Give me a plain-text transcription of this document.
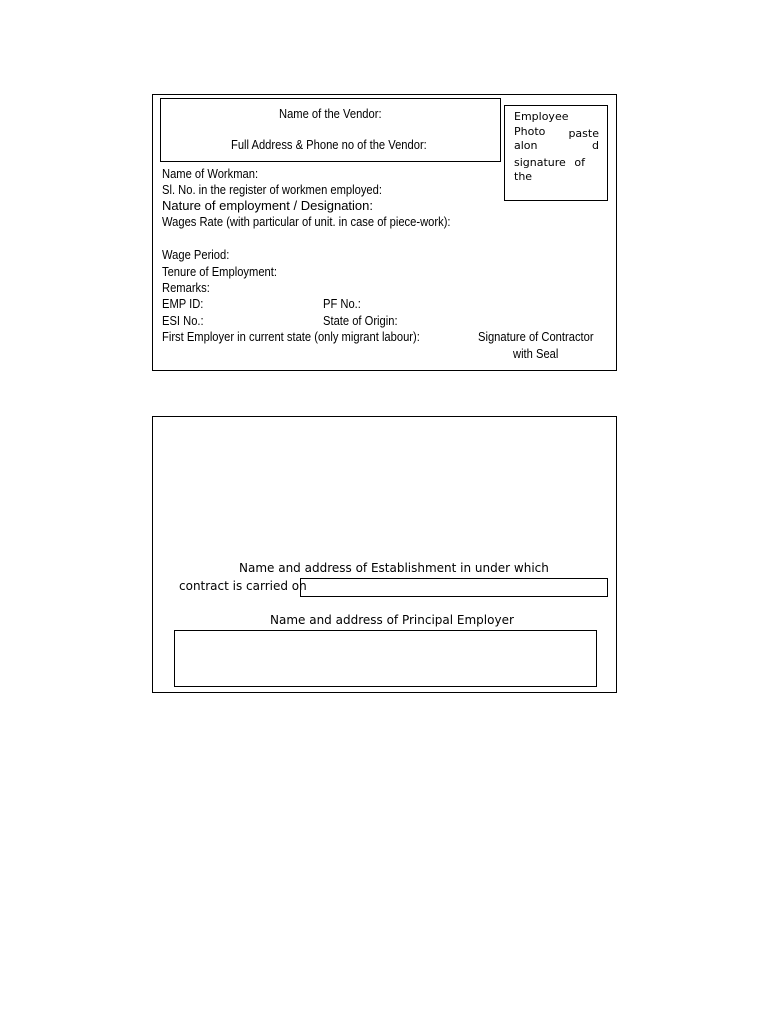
Name of the Vendor:
Full Address & Phone no of the Vendor:
Employee
Photo paste
alon	d
signature of
the
Name of Workman:
Sl. No. in the register of workmen employed:
Nature of employment / Designation:
Wages Rate (with particular of unit. in case of piece-work):
Wage Period:
Tenure of Employment:
Remarks:
EMP ID:	PF No.:
ESI No.:	State of Origin:
First Employer in current state (only migrant labour):	Signature of Contractor
with Seal
Name and address of Establishment in under which
contract is carried on
Name and address of Principal Employer
